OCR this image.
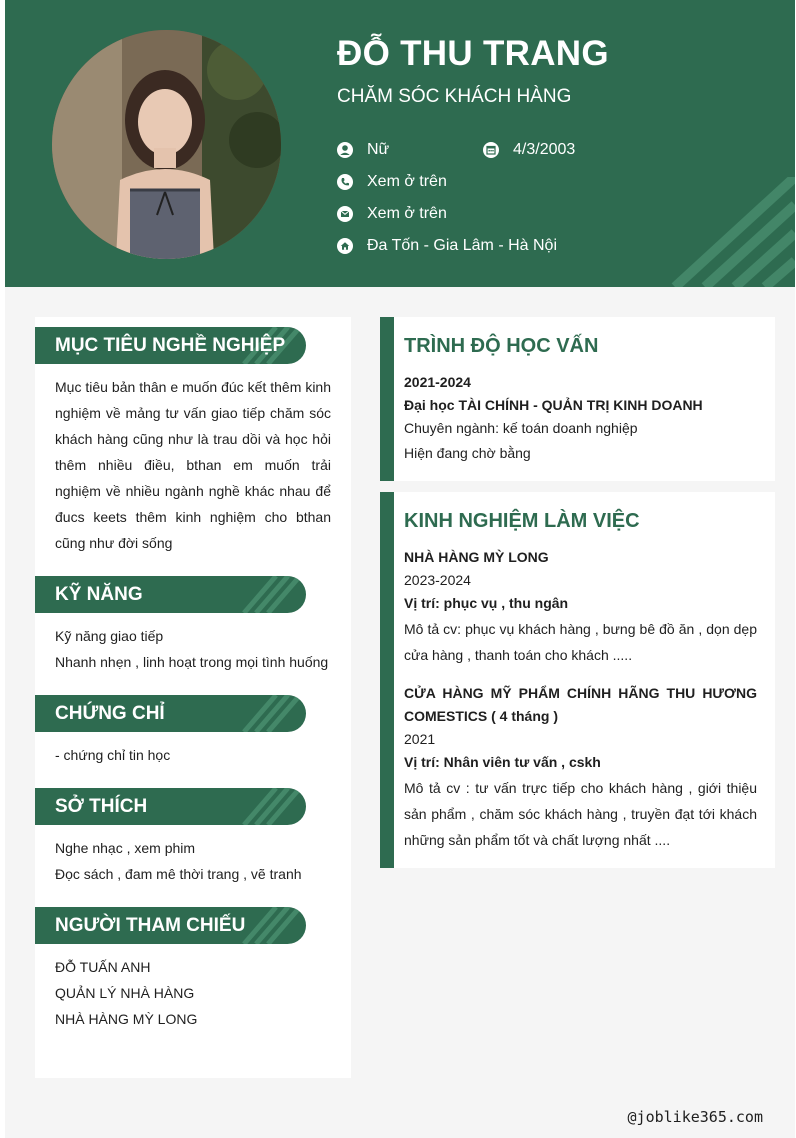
ĐỖ THU TRANG
CHĂM SÓC KHÁCH HÀNG
Nữ	4/3/2003
Xem ở trên
Xem ở trên
Đa Tốn - Gia Lâm - Hà Nội
MỤC TIÊU NGHỀ NGHIỆP
Mục tiêu bản thân e muốn đúc kết thêm kinh nghiệm về mảng tư vấn giao tiếp chăm sóc khách hàng cũng như là trau dồi và học hỏi thêm nhiều điều, bthan em muốn trải nghiệm về nhiều ngành nghề khác nhau để đucs keets thêm kinh nghiệm cho bthan cũng như đời sống
KỸ NĂNG
Kỹ năng giao tiếp
Nhanh nhẹn , linh hoạt trong mọi tình huống
CHỨNG CHỈ
- chứng chỉ tin học
SỞ THÍCH
Nghe nhạc , xem phim
Đọc sách , đam mê thời trang , vẽ tranh
NGƯỜI THAM CHIẾU
ĐỖ TUẤN ANH
QUẢN LÝ NHÀ HÀNG
NHÀ HÀNG MỲ LONG
TRÌNH ĐỘ HỌC VẤN
2021-2024
Đại học TÀI CHÍNH - QUẢN TRỊ KINH DOANH
Chuyên ngành: kế toán doanh nghiệp
Hiện đang chờ bằng
KINH NGHIỆM LÀM VIỆC
NHÀ HÀNG MỲ LONG
2023-2024
Vị trí: phục vụ , thu ngân
Mô tả cv: phục vụ khách hàng , bưng bê đồ ăn , dọn dẹp cửa hàng , thanh toán cho khách .....
CỬA HÀNG MỸ PHẨM CHÍNH HÃNG THU HƯƠNG COMESTICS ( 4 tháng )
2021
Vị trí: Nhân viên tư vấn , cskh
Mô tả cv : tư vấn trực tiếp cho khách hàng , giới thiệu sản phẩm , chăm sóc khách hàng , truyền đạt tới khách những sản phẩm tốt và chất lượng nhất ....
@joblike365.com
